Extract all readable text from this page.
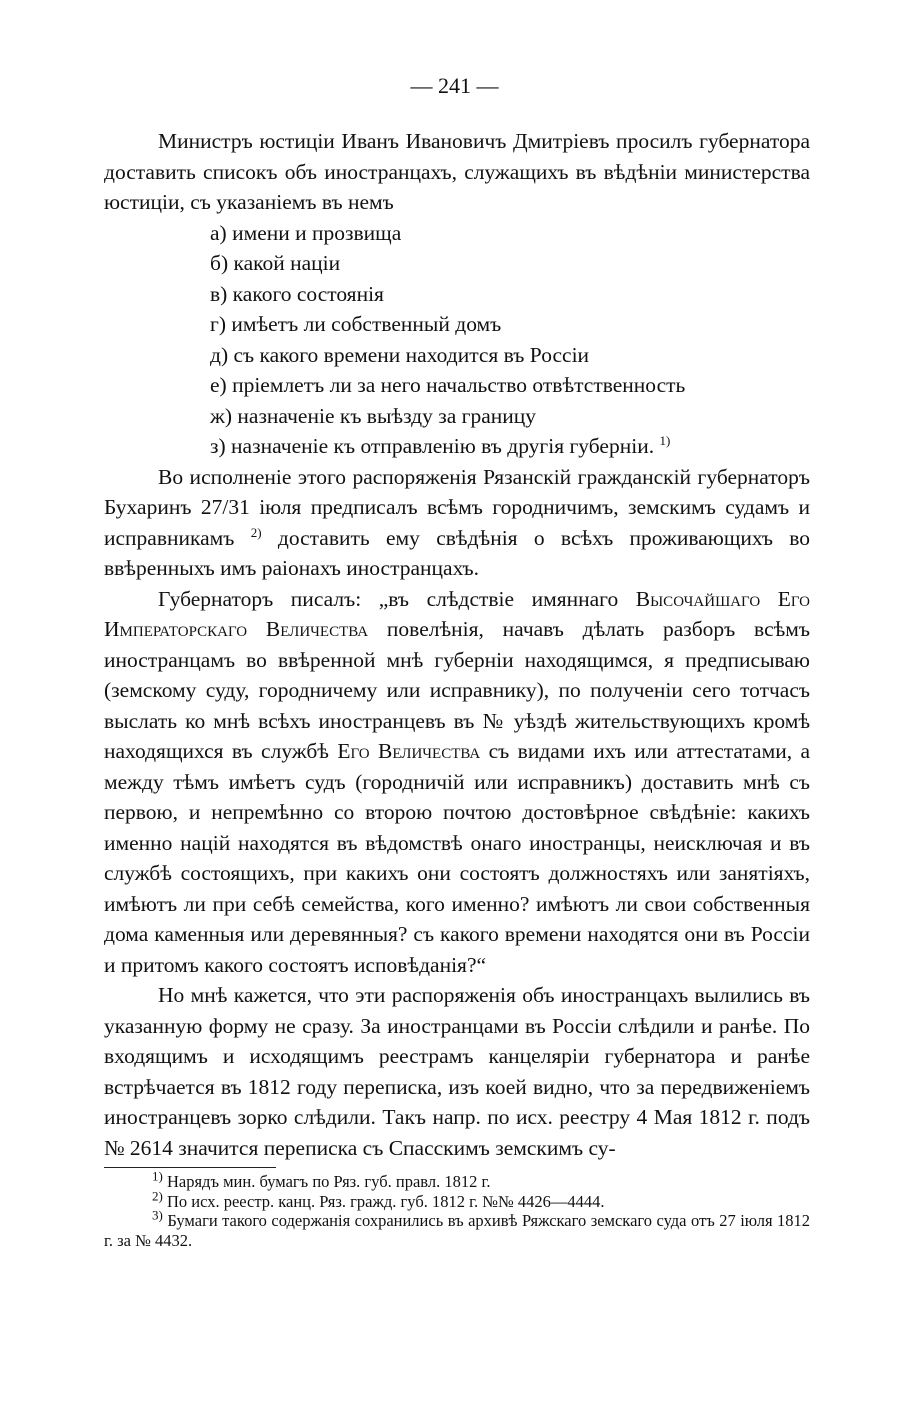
— 241 —

Министръ юстиціи Иванъ Ивановичъ Дмитріевъ просилъ губернатора доставить списокъ объ иностранцахъ, служащихъ въ вѣдѣніи министерства юстиціи, съ указаніемъ въ немъ

а) имени и прозвища
б) какой націи
в) какого состоянія
г) имѣетъ ли собственный домъ
д) съ какого времени находится въ Россіи
е) пріемлетъ ли за него начальство отвѣтственность
ж) назначеніе къ выѣзду за границу
з) назначеніе къ отправленію въ другія губерніи. $^{1)}$

Во исполненіе этого распоряженія Рязанскій гражданскій губернаторъ Бухаринъ 27/31 іюля предписалъ всѣмъ городничимъ, земскимъ судамъ и исправникамъ $^{2)}$ доставить ему свѣдѣнія о всѣхъ проживающихъ во ввѣренныхъ имъ раіонахъ иностранцахъ.

Губернаторъ писалъ: „въ слѣдствіе имяннаго Высочайшаго Его Императорскаго Величества повелѣнія, начавъ дѣлать разборъ всѣмъ иностранцамъ во ввѣренной мнѣ губерніи находящимся, я предписываю (земскому суду, городничему или исправнику), по полученіи сего тотчасъ выслать ко мнѣ всѣхъ иностранцевъ въ № уѣздѣ жительствующихъ кромѣ находящихся въ службѣ Его Величества съ видами ихъ или аттестатами, а между тѣмъ имѣетъ судъ (городничій или исправникъ) доставить мнѣ съ первою, и непремѣнно со второю почтою достовѣрное свѣдѣніе: какихъ именно націй находятся въ вѣдомствѣ онаго иностранцы, неисключая и въ службѣ состоящихъ, при какихъ они состоятъ должностяхъ или занятіяхъ, имѣютъ ли при себѣ семейства, кого именно? имѣютъ ли свои собственныя дома каменныя или деревянныя? съ какого времени находятся они въ Россіи и притомъ какого состоятъ исповѣданія?“

Но мнѣ кажется, что эти распоряженія объ иностранцахъ вылились въ указанную форму не сразу. За иностранцами въ Россіи слѣдили и ранѣе. По входящимъ и исходящимъ реестрамъ канцеляріи губернатора и ранѣе встрѣчается въ 1812 году переписка, изъ коей видно, что за передвиженіемъ иностранцевъ зорко слѣдили. Такъ напр. по исх. реестру 4 Мая 1812 г. подъ № 2614 значится переписка съ Спасскимъ земскимъ су-

$^{1)}$ Нарядъ мин. бумагъ по Ряз. губ. правл. 1812 г.

$^{2)}$ По исх. реестр. канц. Ряз. гражд. губ. 1812 г. №№ 4426—4444.

$^{3)}$ Бумаги такого содержанія сохранились въ архивѣ Ряжскаго земскаго суда отъ 27 іюля 1812 г. за № 4432.
